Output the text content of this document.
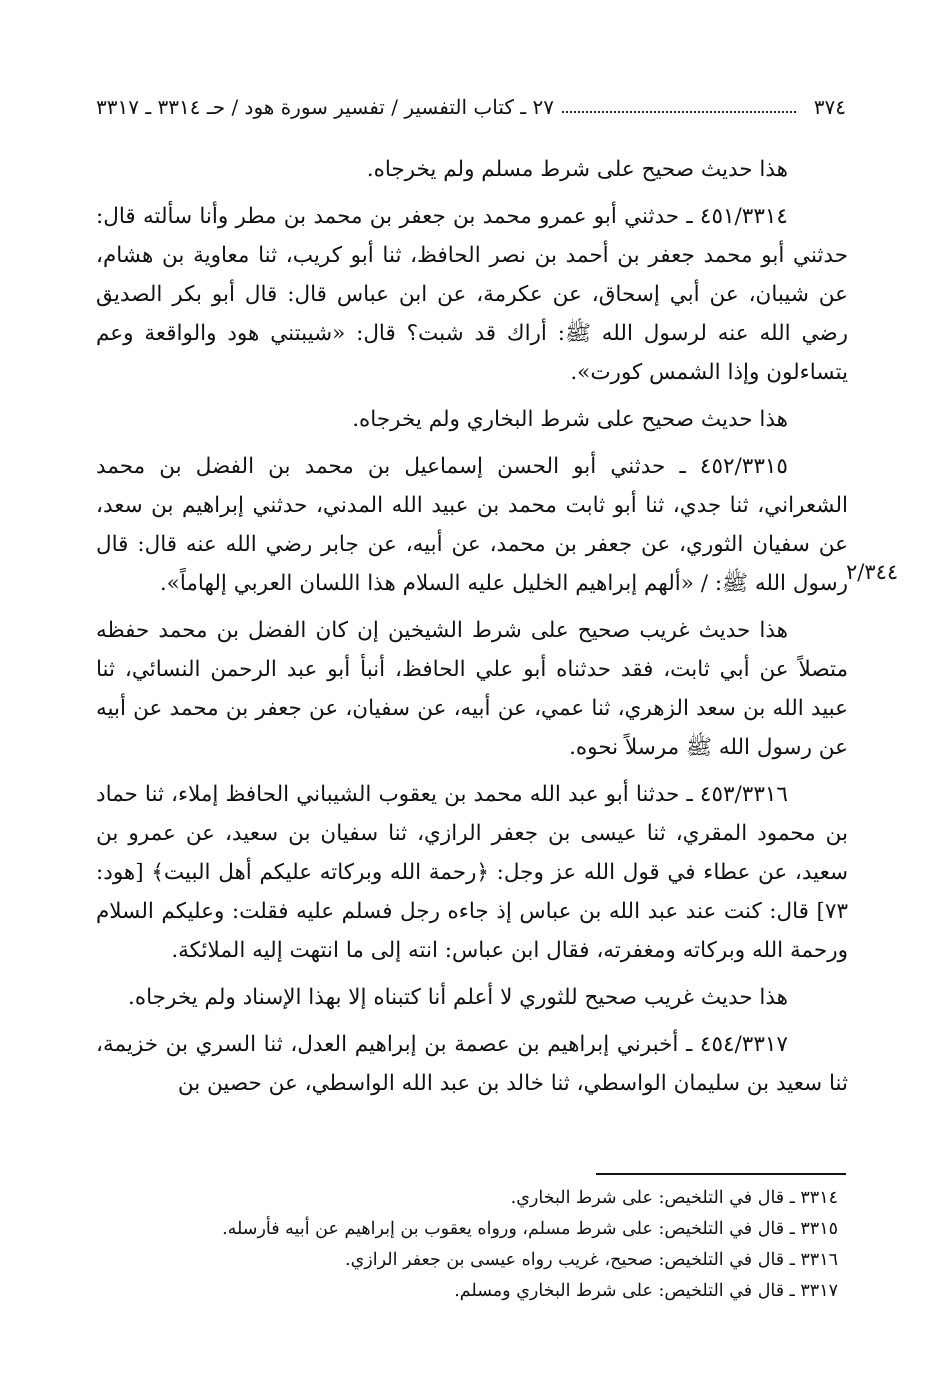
٣٧٤
٢٧ ـ كتاب التفسير / تفسير سورة هود / حـ ٣٣١٤ ـ ٣٣١٧

هذا حديث صحيح على شرط مسلم ولم يخرجاه.

٤٥١/٣٣١٤ ـ حدثني أبو عمرو محمد بن جعفر بن محمد بن مطر وأنا سألته قال: حدثني أبو محمد جعفر بن أحمد بن نصر الحافظ، ثنا أبو كريب، ثنا معاوية بن هشام، عن شيبان، عن أبي إسحاق، عن عكرمة، عن ابن عباس قال: قال أبو بكر الصديق رضي الله عنه لرسول الله ﷺ: أراك قد شبت؟ قال: «شيبتني هود والواقعة وعم يتساءلون وإذا الشمس كورت».

هذا حديث صحيح على شرط البخاري ولم يخرجاه.

٤٥٢/٣٣١٥ ـ حدثني أبو الحسن إسماعيل بن محمد بن الفضل بن محمد الشعراني، ثنا جدي، ثنا أبو ثابت محمد بن عبيد الله المدني، حدثني إبراهيم بن سعد، عن سفيان الثوري، عن جعفر بن محمد، عن أبيه، عن جابر رضي الله عنه قال: قال رسول الله ﷺ: / «ألهم إبراهيم الخليل عليه السلام هذا اللسان العربي إلهاماً».

هذا حديث غريب صحيح على شرط الشيخين إن كان الفضل بن محمد حفظه متصلاً عن أبي ثابت، فقد حدثناه أبو علي الحافظ، أنبأ أبو عبد الرحمن النسائي، ثنا عبيد الله بن سعد الزهري، ثنا عمي، عن أبيه، عن سفيان، عن جعفر بن محمد عن أبيه عن رسول الله ﷺ مرسلاً نحوه.

٤٥٣/٣٣١٦ ـ حدثنا أبو عبد الله محمد بن يعقوب الشيباني الحافظ إملاء، ثنا حماد بن محمود المقري، ثنا عيسى بن جعفر الرازي، ثنا سفيان بن سعيد، عن عمرو بن سعيد، عن عطاء في قول الله عز وجل: ﴿رحمة الله وبركاته عليكم أهل البيت﴾ [هود: ٧٣] قال: كنت عند عبد الله بن عباس إذ جاءه رجل فسلم عليه فقلت: وعليكم السلام ورحمة الله وبركاته ومغفرته، فقال ابن عباس: انته إلى ما انتهت إليه الملائكة.

هذا حديث غريب صحيح للثوري لا أعلم أنا كتبناه إلا بهذا الإسناد ولم يخرجاه.

٤٥٤/٣٣١٧ ـ أخبرني إبراهيم بن عصمة بن إبراهيم العدل، ثنا السري بن خزيمة، ثنا سعيد بن سليمان الواسطي، ثنا خالد بن عبد الله الواسطي، عن حصين بن

٢/٣٤٤
٣٣١٤ ـ قال في التلخيص: على شرط البخاري.
٣٣١٥ ـ قال في التلخيص: على شرط مسلم، ورواه يعقوب بن إبراهيم عن أبيه فأرسله.
٣٣١٦ ـ قال في التلخيص: صحيح، غريب رواه عيسى بن جعفر الرازي.
٣٣١٧ ـ قال في التلخيص: على شرط البخاري ومسلم.
